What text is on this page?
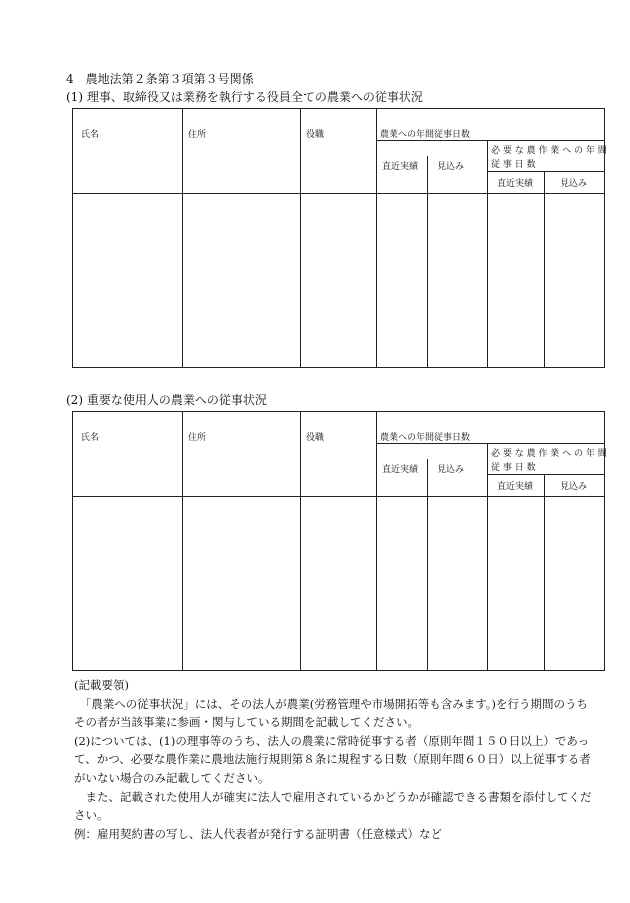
4　農地法第２条第３項第３号関係
(1) 理事、取締役又は業務を執行する役員全ての農業への従事状況
氏名	住所	役職	農業への年間従事日数
直近実績 見込み
必 要 な 農 作 業 へ の 年 間
従 事 日 数
直近実績	見込み
(2) 重要な使用人の農業への従事状況
氏名	住所	役職	農業への年間従事日数
直近実績 見込み
必 要 な 農 作 業 へ の 年 間
従 事 日 数
直近実績	見込み

(記載要領)

　「農業への従事状況」には、その法人が農業(労務管理や市場開拓等も含みます。)を行う期間のうちその者が当該事業に参画・関与している期間を記載してください。

(2)については、(1)の理事等のうち、法人の農業に常時従事する者（原則年間１５０日以上）であって、かつ、必要な農作業に農地法施行規則第８条に規程する日数（原則年間６０日）以上従事する者がいない場合のみ記載してください。

　また、記載された使用人が確実に法人で雇用されているかどうかが確認できる書類を添付してください。

例：雇用契約書の写し、法人代表者が発行する証明書（任意様式）など
